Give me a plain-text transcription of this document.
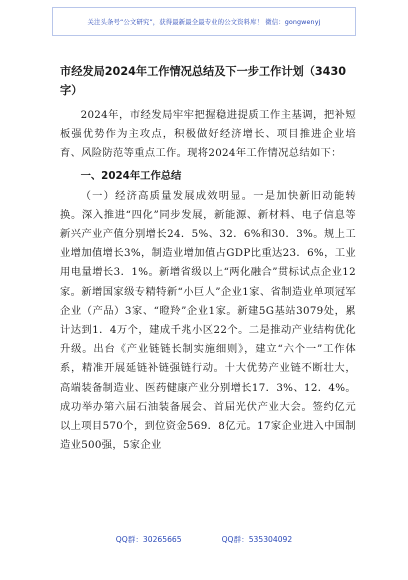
关注头条号“公文研究”，获得最新最全最专业的公文资料库！ 微信：gongwenyj
市经发局2024年工作情况总结及下一步工作计划（3430字）

2024年，市经发局牢牢把握稳进提质工作主基调，把补短板强优势作为主攻点，积极做好经济增长、项目推进企业培育、风险防范等重点工作。现将2024年工作情况总结如下：

一、2024年工作总结

（一）经济高质量发展成效明显。一是加快新旧动能转换。深入推进“四化”同步发展，新能源、新材料、电子信息等新兴产业产值分别增长24．5%、32．6%和30．3%。规上工业增加值增长3%，制造业增加值占GDP比重达23．6%，工业用电量增长3．1%。新增省级以上“两化融合”贯标试点企业12家。新增国家级专精特新“小巨人”企业1家、省制造业单项冠军企业（产品）3家、“瞪羚”企业1家。新建5G基站3079处，累计达到1．4万个，建成千兆小区22个。二是推动产业结构优化升级。出台《产业链链长制实施细则》，建立“六个一”工作体系，精准开展延链补链强链行动。十大优势产业链不断壮大，高端装备制造业、医药健康产业分别增长17．3%、12．4%。成功举办第六届石油装备展会、首届光伏产业大会。签约亿元以上项目570个，到位资金569．8亿元。17家企业进入中国制造业500强，5家企业

QQ群：30265665	QQ群：535304092
